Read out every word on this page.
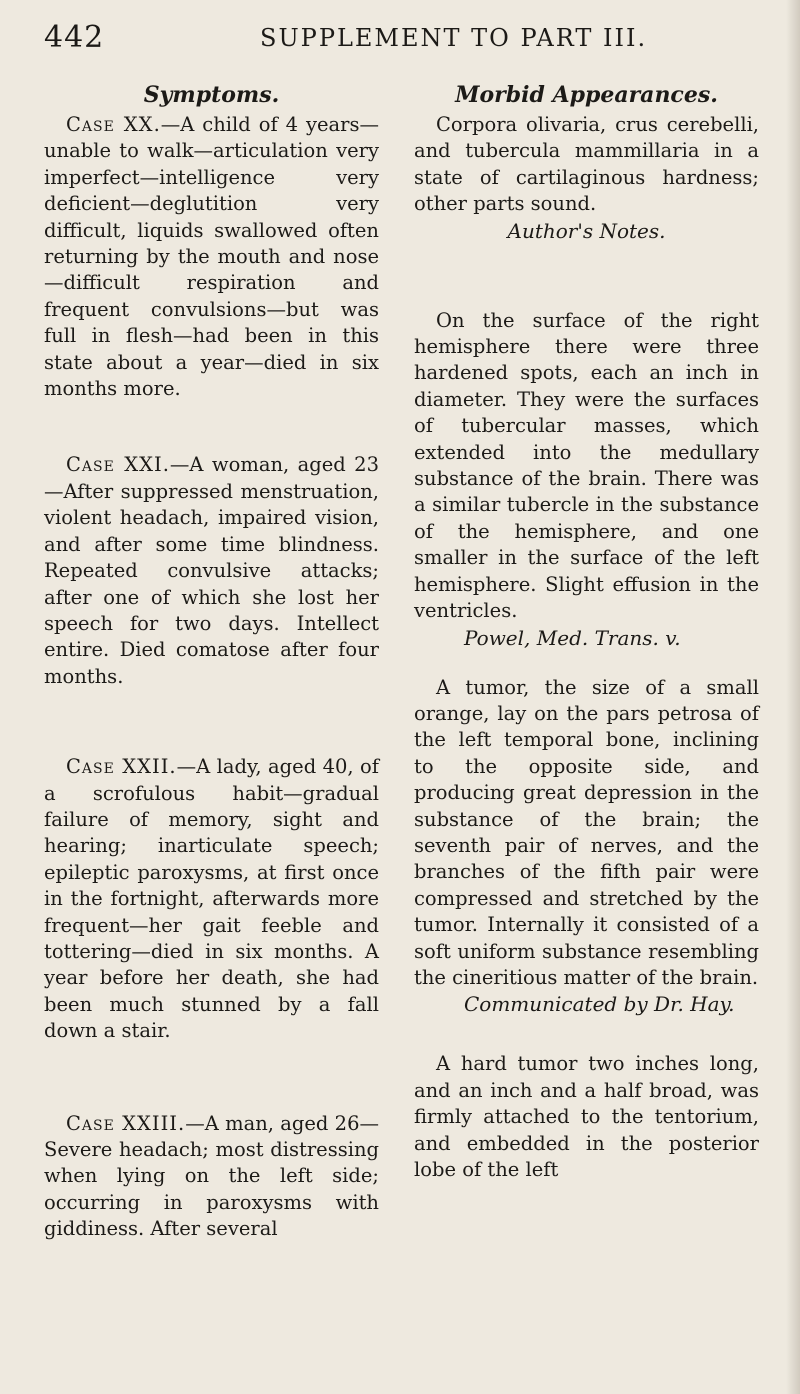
442	SUPPLEMENT TO PART III.
Symptoms.

Case XX.—A child of 4 years—unable to walk—articulation very imperfect—intelligence very deficient—deglutition very difficult, liquids swallowed often returning by the mouth and nose—difficult respiration and frequent convulsions—but was full in flesh—had been in this state about a year—died in six months more.

Case XXI.—A woman, aged 23—After suppressed menstruation, violent headach, impaired vision, and after some time blindness. Repeated convulsive attacks; after one of which she lost her speech for two days. Intellect entire. Died comatose after four months.

Case XXII.—A lady, aged 40, of a scrofulous habit—gradual failure of memory, sight and hearing; inarticulate speech; epileptic paroxysms, at first once in the fortnight, afterwards more frequent—her gait feeble and tottering—died in six months. A year before her death, she had been much stunned by a fall down a stair.

Case XXIII.—A man, aged 26—Severe headach; most distressing when lying on the left side; occurring in paroxysms with giddiness. After several

Morbid Appearances.

Corpora olivaria, crus cerebelli, and tubercula mammillaria in a state of cartilaginous hardness; other parts sound.

Author's Notes.

On the surface of the right hemisphere there were three hardened spots, each an inch in diameter. They were the surfaces of tubercular masses, which extended into the medullary substance of the brain. There was a similar tubercle in the substance of the hemisphere, and one smaller in the surface of the left hemisphere. Slight effusion in the ventricles.

Powel, Med. Trans. v.

A tumor, the size of a small orange, lay on the pars petrosa of the left temporal bone, inclining to the opposite side, and producing great depression in the substance of the brain; the seventh pair of nerves, and the branches of the fifth pair were compressed and stretched by the tumor. Internally it consisted of a soft uniform substance resembling the cineritious matter of the brain.

Communicated by Dr. Hay.

A hard tumor two inches long, and an inch and a half broad, was firmly attached to the tentorium, and embedded in the posterior lobe of the left
